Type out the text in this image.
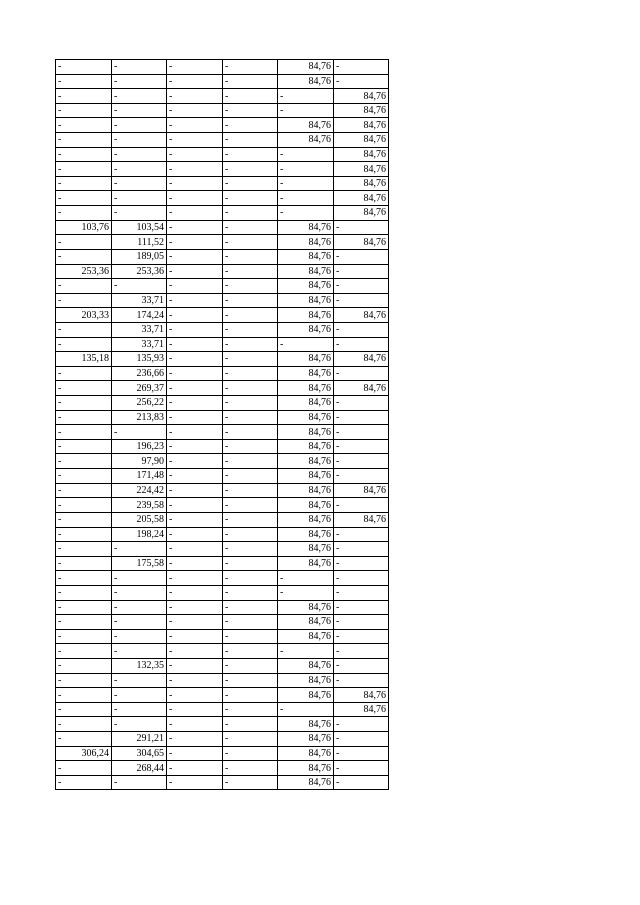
-	-	-	-	84,76	-
-	-	-	-	84,76	-
-	-	-	-	-	84,76
-	-	-	-	-	84,76
-	-	-	-	84,76	84,76
-	-	-	-	84,76	84,76
-	-	-	-	-	84,76
-	-	-	-	-	84,76
-	-	-	-	-	84,76
-	-	-	-	-	84,76
-	-	-	-	-	84,76
103,76	103,54	-	-	84,76	-
-	111,52	-	-	84,76	84,76
-	189,05	-	-	84,76	-
253,36	253,36	-	-	84,76	-
-	-	-	-	84,76	-
-	33,71	-	-	84,76	-
203,33	174,24	-	-	84,76	84,76
-	33,71	-	-	84,76	-
-	33,71	-	-	-	-
135,18	135,93	-	-	84,76	84,76
-	236,66	-	-	84,76	-
-	269,37	-	-	84,76	84,76
-	256,22	-	-	84,76	-
-	213,83	-	-	84,76	-
-	-	-	-	84,76	-
-	196,23	-	-	84,76	-
-	97,90	-	-	84,76	-
-	171,48	-	-	84,76	-
-	224,42	-	-	84,76	84,76
-	239,58	-	-	84,76	-
-	205,58	-	-	84,76	84,76
-	198,24	-	-	84,76	-
-	-	-	-	84,76	-
-	175,58	-	-	84,76	-
-	-	-	-	-	-
-	-	-	-	-	-
-	-	-	-	84,76	-
-	-	-	-	84,76	-
-	-	-	-	84,76	-
-	-	-	-	-	-
-	132,35	-	-	84,76	-
-	-	-	-	84,76	-
-	-	-	-	84,76	84,76
-	-	-	-	-	84,76
-	-	-	-	84,76	-
-	291,21	-	-	84,76	-
306,24	304,65	-	-	84,76	-
-	268,44	-	-	84,76	-
-	-	-	-	84,76	-
